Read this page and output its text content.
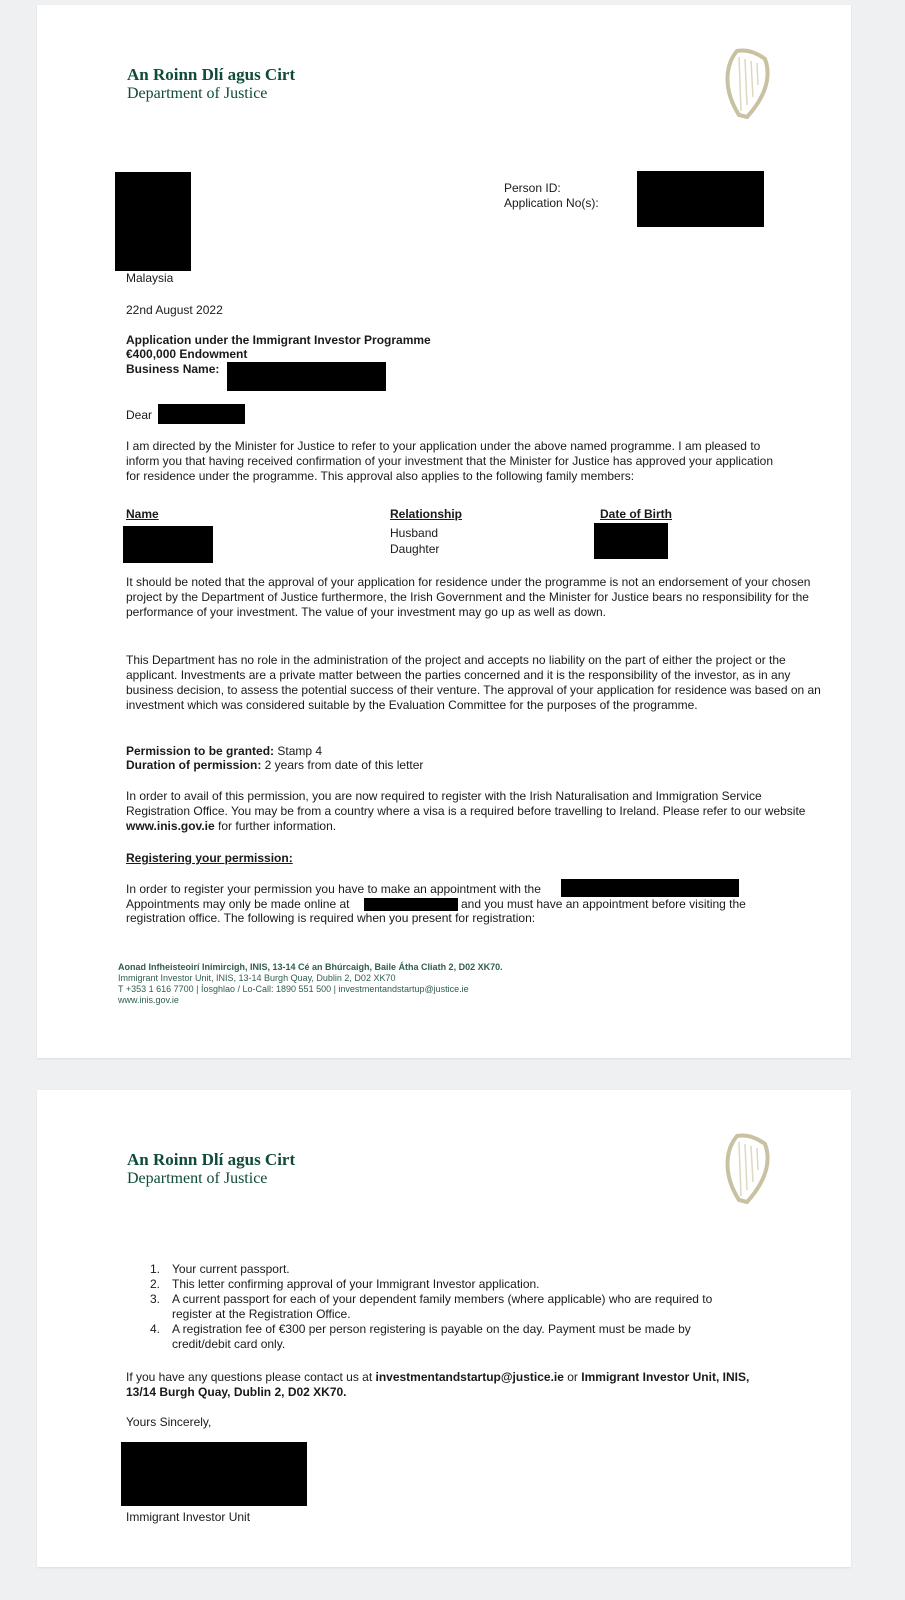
An Roinn Dlí agus Cirt
Department of Justice
Person ID:
Application No(s):
Malaysia
22nd August 2022
Application under the Immigrant Investor Programme
€400,000 Endowment
Business Name:
Dear

I am directed by the Minister for Justice to refer to your application under the above named programme. I am pleased to inform you that having received confirmation of your investment that the Minister for Justice has approved your application for residence under the programme. This approval also applies to the following family members:

Name	Relationship	Date of Birth
Husband
Daughter

It should be noted that the approval of your application for residence under the programme is not an endorsement of your chosen project by the Department of Justice furthermore, the Irish Government and the Minister for Justice bears no responsibility for the performance of your investment. The value of your investment may go up as well as down.

This Department has no role in the administration of the project and accepts no liability on the part of either the project or the applicant. Investments are a private matter between the parties concerned and it is the responsibility of the investor, as in any business decision, to assess the potential success of their venture. The approval of your application for residence was based on an investment which was considered suitable by the Evaluation Committee for the purposes of the programme.

Permission to be granted: Stamp 4
Duration of permission: 2 years from date of this letter

In order to avail of this permission, you are now required to register with the Irish Naturalisation and Immigration Service Registration Office. You may be from a country where a visa is a required before travelling to Ireland. Please refer to our website www.inis.gov.ie for further information.

Registering your permission:
In order to register your permission you have to make an appointment with the
Appointments may only be made online at	and you must have an appointment before visiting the
registration office. The following is required when you present for registration:
Aonad Infheisteoirí Inimircigh, INIS, 13-14 Cé an Bhúrcaigh, Baile Átha Cliath 2, D02 XK70.
Immigrant Investor Unit, INIS, 13-14 Burgh Quay, Dublin 2, D02 XK70
T +353 1 616 7700 | Íosghlao / Lo-Call: 1890 551 500 | investmentandstartup@justice.ie
www.inis.gov.ie
An Roinn Dlí agus Cirt
Department of Justice
1. Your current passport.
2. This letter confirming approval of your Immigrant Investor application.
3. A current passport for each of your dependent family members (where applicable) who are required to register at the Registration Office.
4. A registration fee of €300 per person registering is payable on the day. Payment must be made by credit/debit card only.

If you have any questions please contact us at investmentandstartup@justice.ie or Immigrant Investor Unit, INIS, 13/14 Burgh Quay, Dublin 2, D02 XK70.

Yours Sincerely,
Immigrant Investor Unit
